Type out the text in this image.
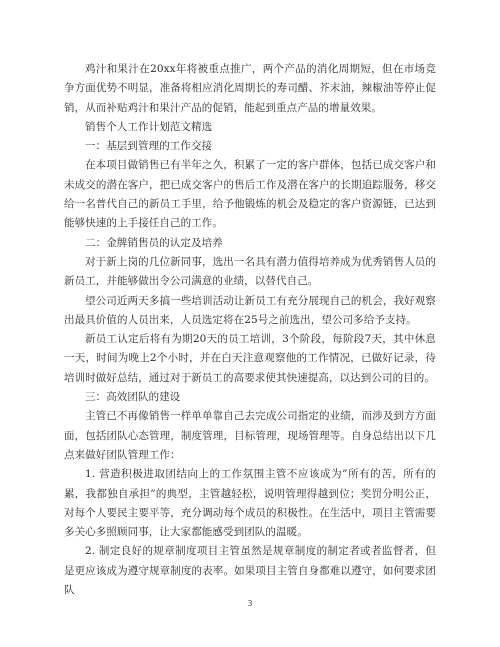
鸡汁和果汁在20xx年将被重点推广，两个产品的消化周期短，但在市场竞争方面优势不明显，准备将相应消化周期长的寿司醋、芥末油，辣椒油等停止促销，从而补贴鸡汁和果汁产品的促销，能起到重点产品的增量效果。

销售个人工作计划范文精选

一：基层到管理的工作交接

在本项目做销售已有半年之久，积累了一定的客户群体，包括已成交客户和未成交的潜在客户，把已成交客户的售后工作及潜在客户的长期追踪服务，移交给一名普代自己的新员工手里，给予他锻炼的机会及稳定的客户资源链，已达到能够快速的上手接任自己的工作。

二：金牌销售员的认定及培养

对于新上岗的几位新同事，选出一名具有潜力值得培养成为优秀销售人员的新员工，并能够做出令公司满意的业绩，以替代自己。

望公司近两天多搞一些培训活动让新员工有充分展现自己的机会，我好观察出最具价值的人员出来，人员选定将在25号之前选出，望公司多给予支持。

新员工认定后将有为期20天的员工培训，3个阶段，每阶段7天，其中休息一天，时间为晚上2个小时，并在白天注意观察他的工作情况，已做好记录，待培训时做好总结，通过对于新员工的高要求使其快速提高，以达到公司的目的。

三：高效团队的建设

主管已不再像销售一样单单靠自己去完成公司指定的业绩，而涉及到方方面面，包括团队心态管理，制度管理，目标管理，现场管理等。自身总结出以下几点来做好团队管理工作：

1. 营造积极进取团结向上的工作氛围主管不应该成为”所有的苦，所有的累，我都独自承担”的典型，主管越轻松，说明管理得越到位；奖罚分明公正，对每个人要民主要平等，充分调动每个成员的积极性。在生活中，项目主管需要多关心多照顾同事，让大家都能感受到团队的温暖。

2. 制定良好的规章制度项目主管虽然是规章制度的制定者或者监督者，但是更应该成为遵守规章制度的表率。如果项目主管自身都难以遵守，如何要求团队

3
